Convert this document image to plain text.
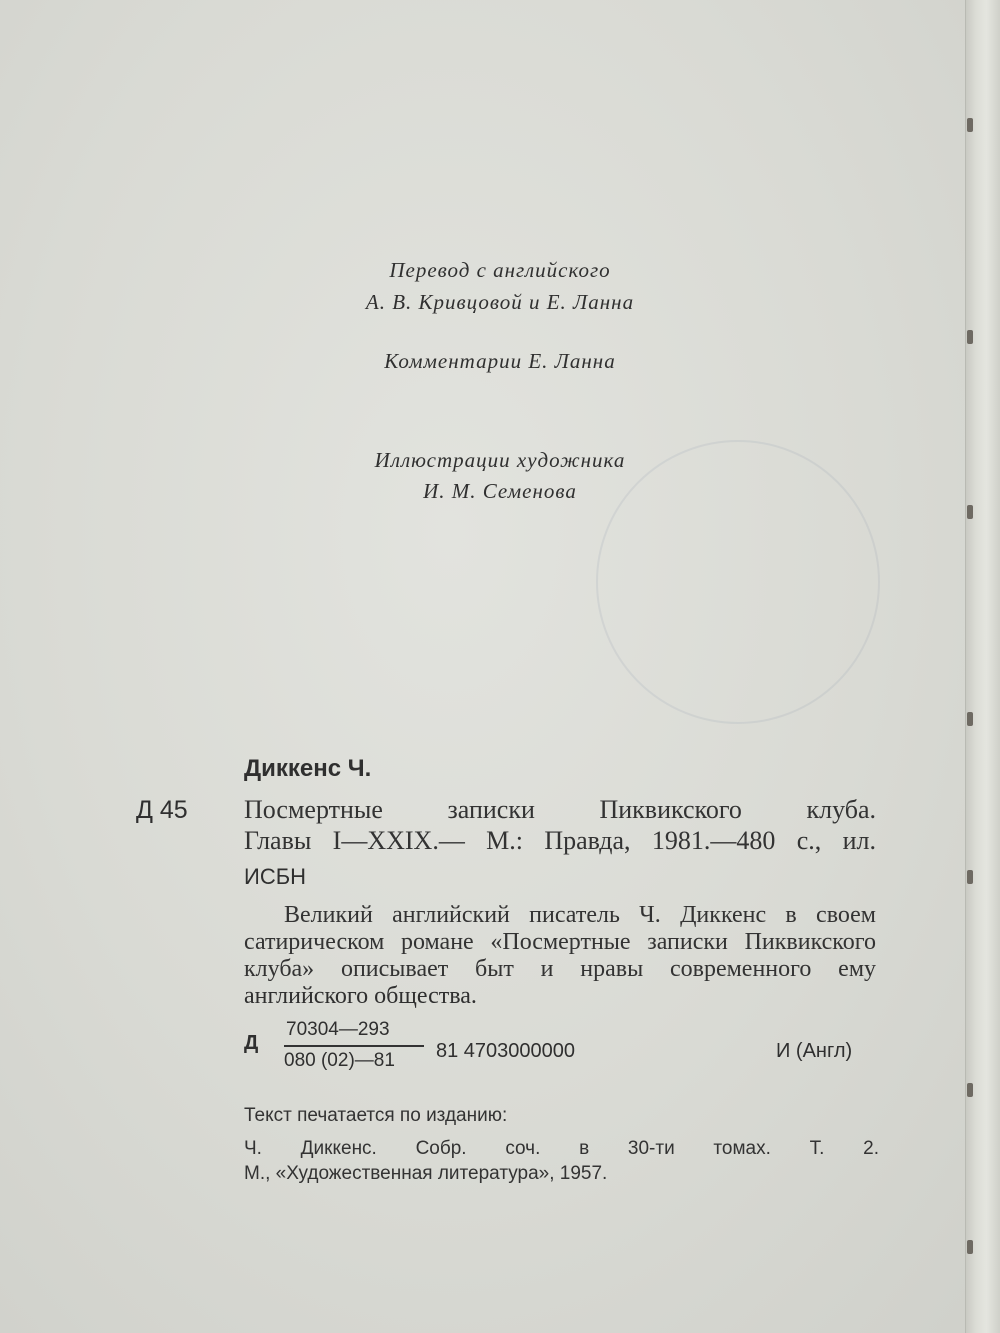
Перевод с английского
А. В. Кривцовой и Е. Ланна
Комментарии Е. Ланна
Иллюстрации художника
И. М. Семенова
Диккенс Ч.
Д 45 Посмертные записки Пиквикского клуба.
Главы I—XXIX.— М.: Правда, 1981.—480 с., ил.
ИСБН
Великий английский писатель Ч. Диккенс в своем
сатирическом романе «Посмертные записки Пиквикского
клуба» описывает быт и нравы современного ему
английского общества.
Д
70304—293
080 (02)—81 81 4703000000	И (Англ)
Текст печатается по изданию:
Ч. Диккенс. Собр. соч. в 30-ти томах. Т. 2.
М., «Художественная литература», 1957.
